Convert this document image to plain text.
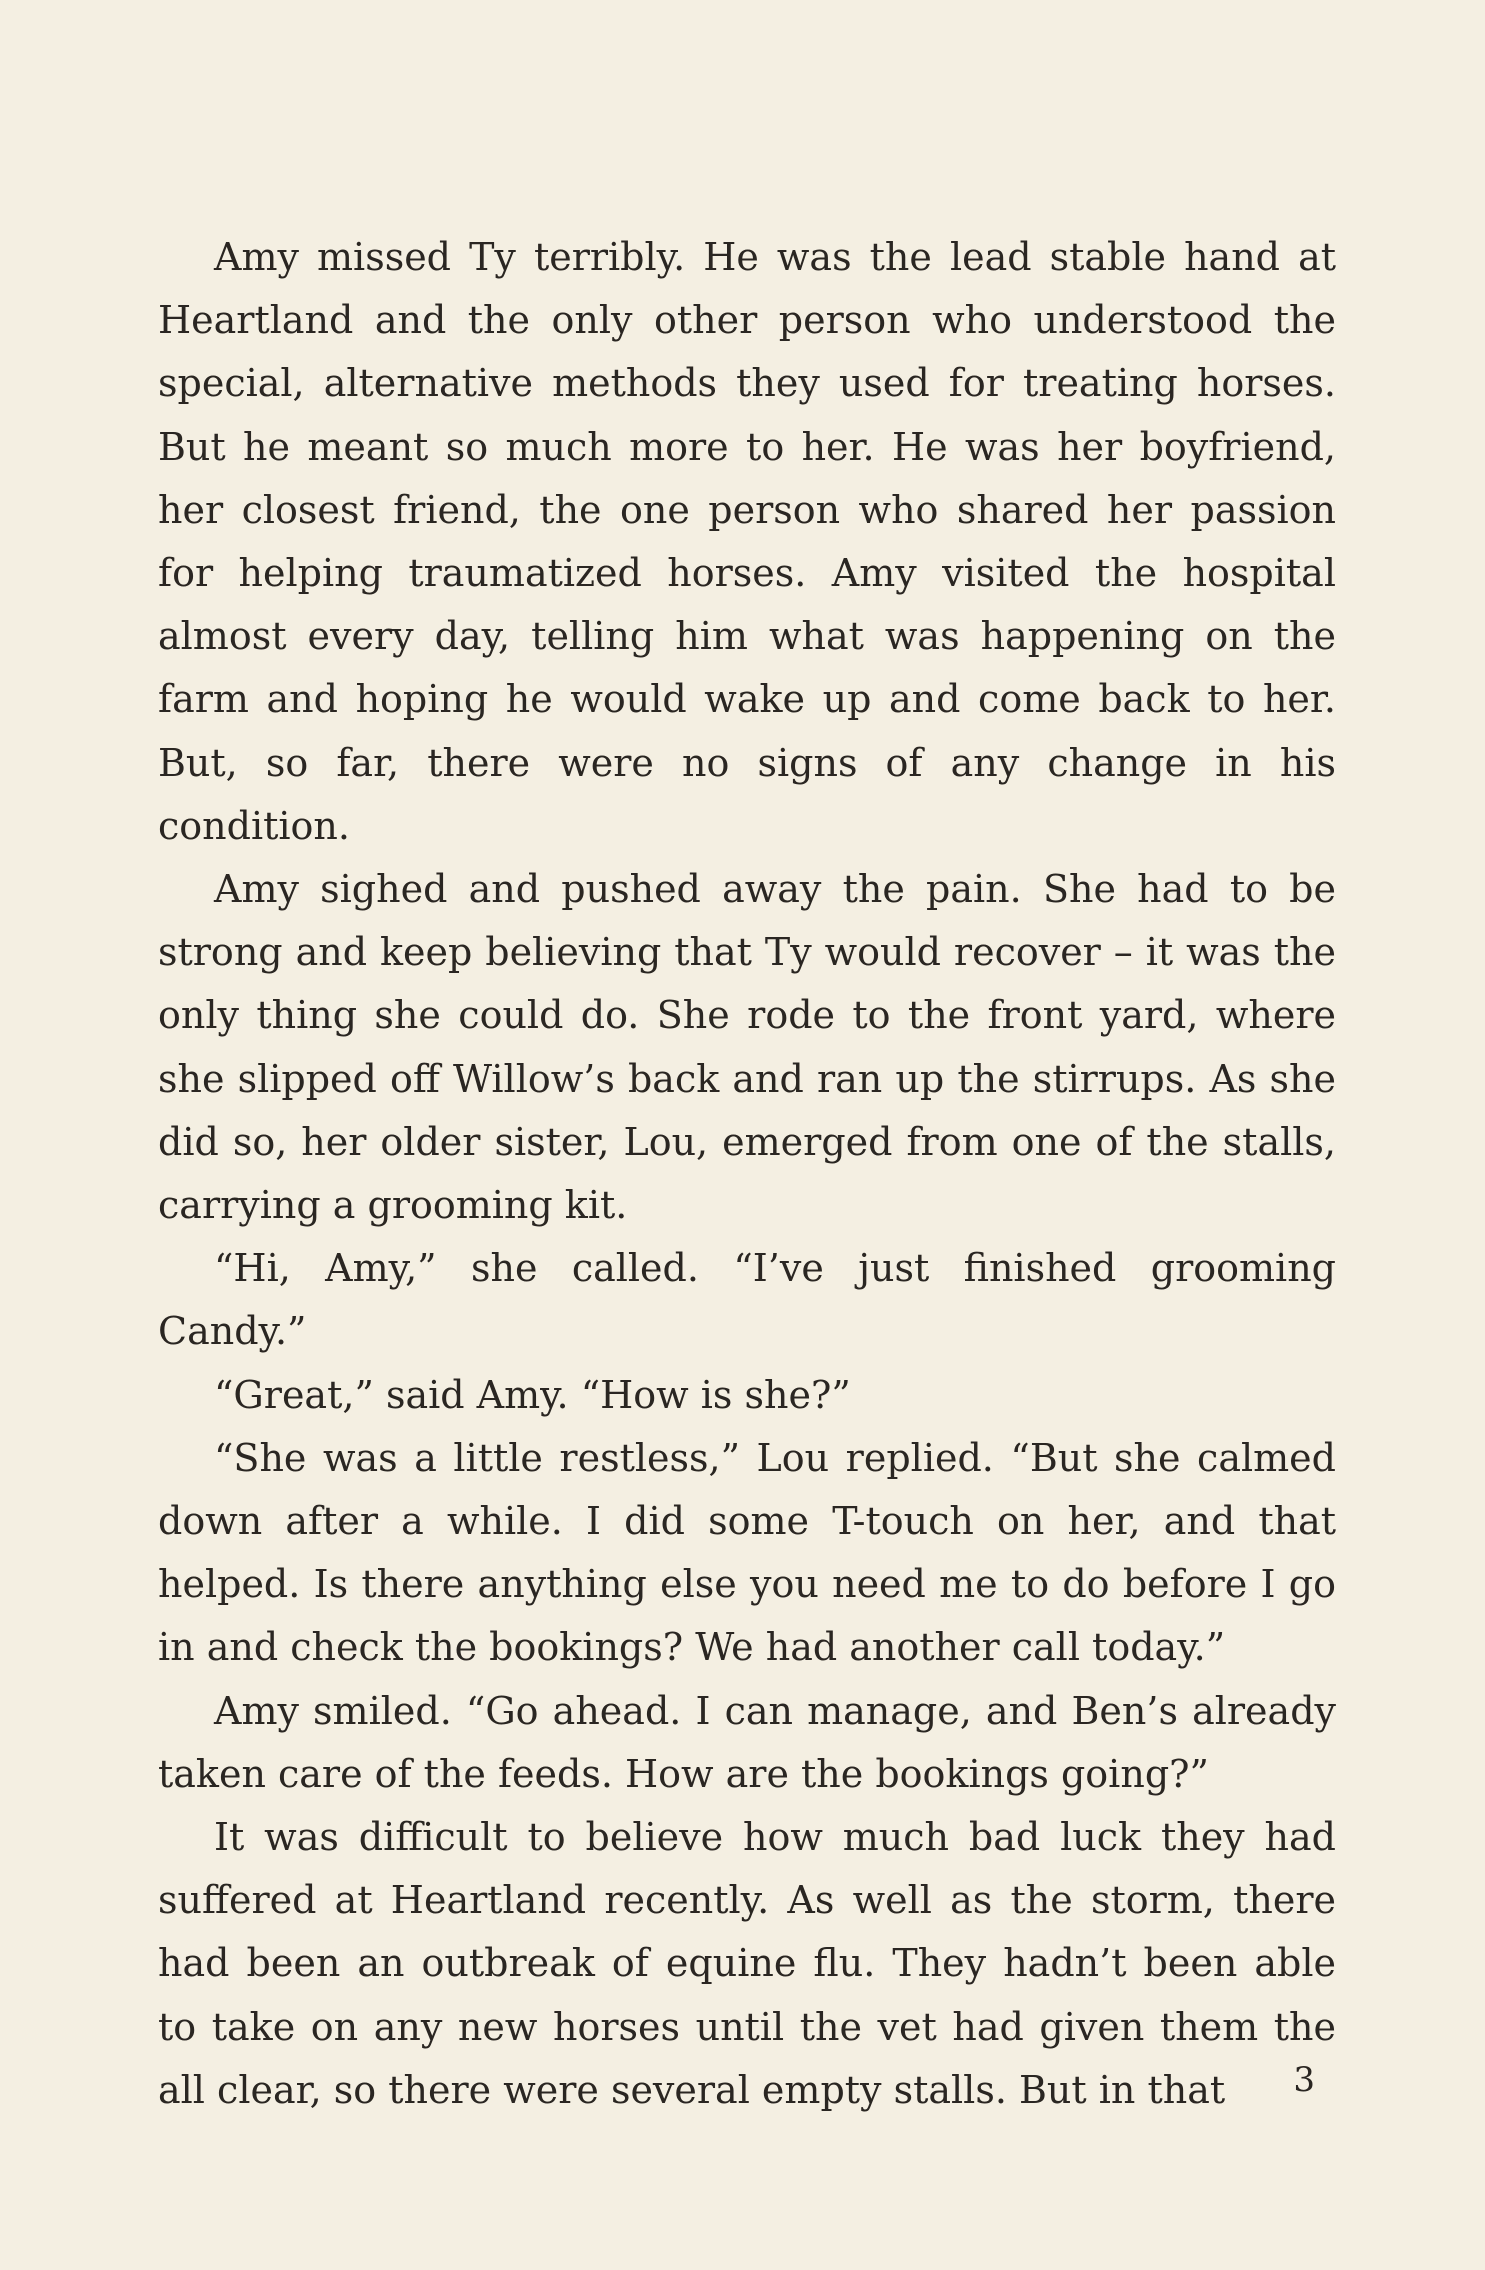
Amy missed Ty terribly. He was the lead stable hand at Heartland and the only other person who understood the special, alternative methods they used for treating horses. But he meant so much more to her. He was her boyfriend, her closest friend, the one person who shared her passion for helping traumatized horses. Amy visited the hospital almost every day, telling him what was happening on the farm and hoping he would wake up and come back to her. But, so far, there were no signs of any change in his condition.

Amy sighed and pushed away the pain. She had to be strong and keep believing that Ty would recover – it was the only thing she could do. She rode to the front yard, where she slipped off Willow’s back and ran up the stirrups. As she did so, her older sister, Lou, emerged from one of the stalls, carrying a grooming kit.

“Hi, Amy,” she called. “I’ve just finished grooming Candy.”

“Great,” said Amy. “How is she?”

“She was a little restless,” Lou replied. “But she calmed down after a while. I did some T-touch on her, and that helped. Is there anything else you need me to do before I go in and check the bookings? We had another call today.”

Amy smiled. “Go ahead. I can manage, and Ben’s already taken care of the feeds. How are the bookings going?”

It was difficult to believe how much bad luck they had suffered at Heartland recently. As well as the storm, there had been an outbreak of equine flu. They hadn’t been able to take on any new horses until the vet had given them the all clear, so there were several empty stalls. But in that	3
